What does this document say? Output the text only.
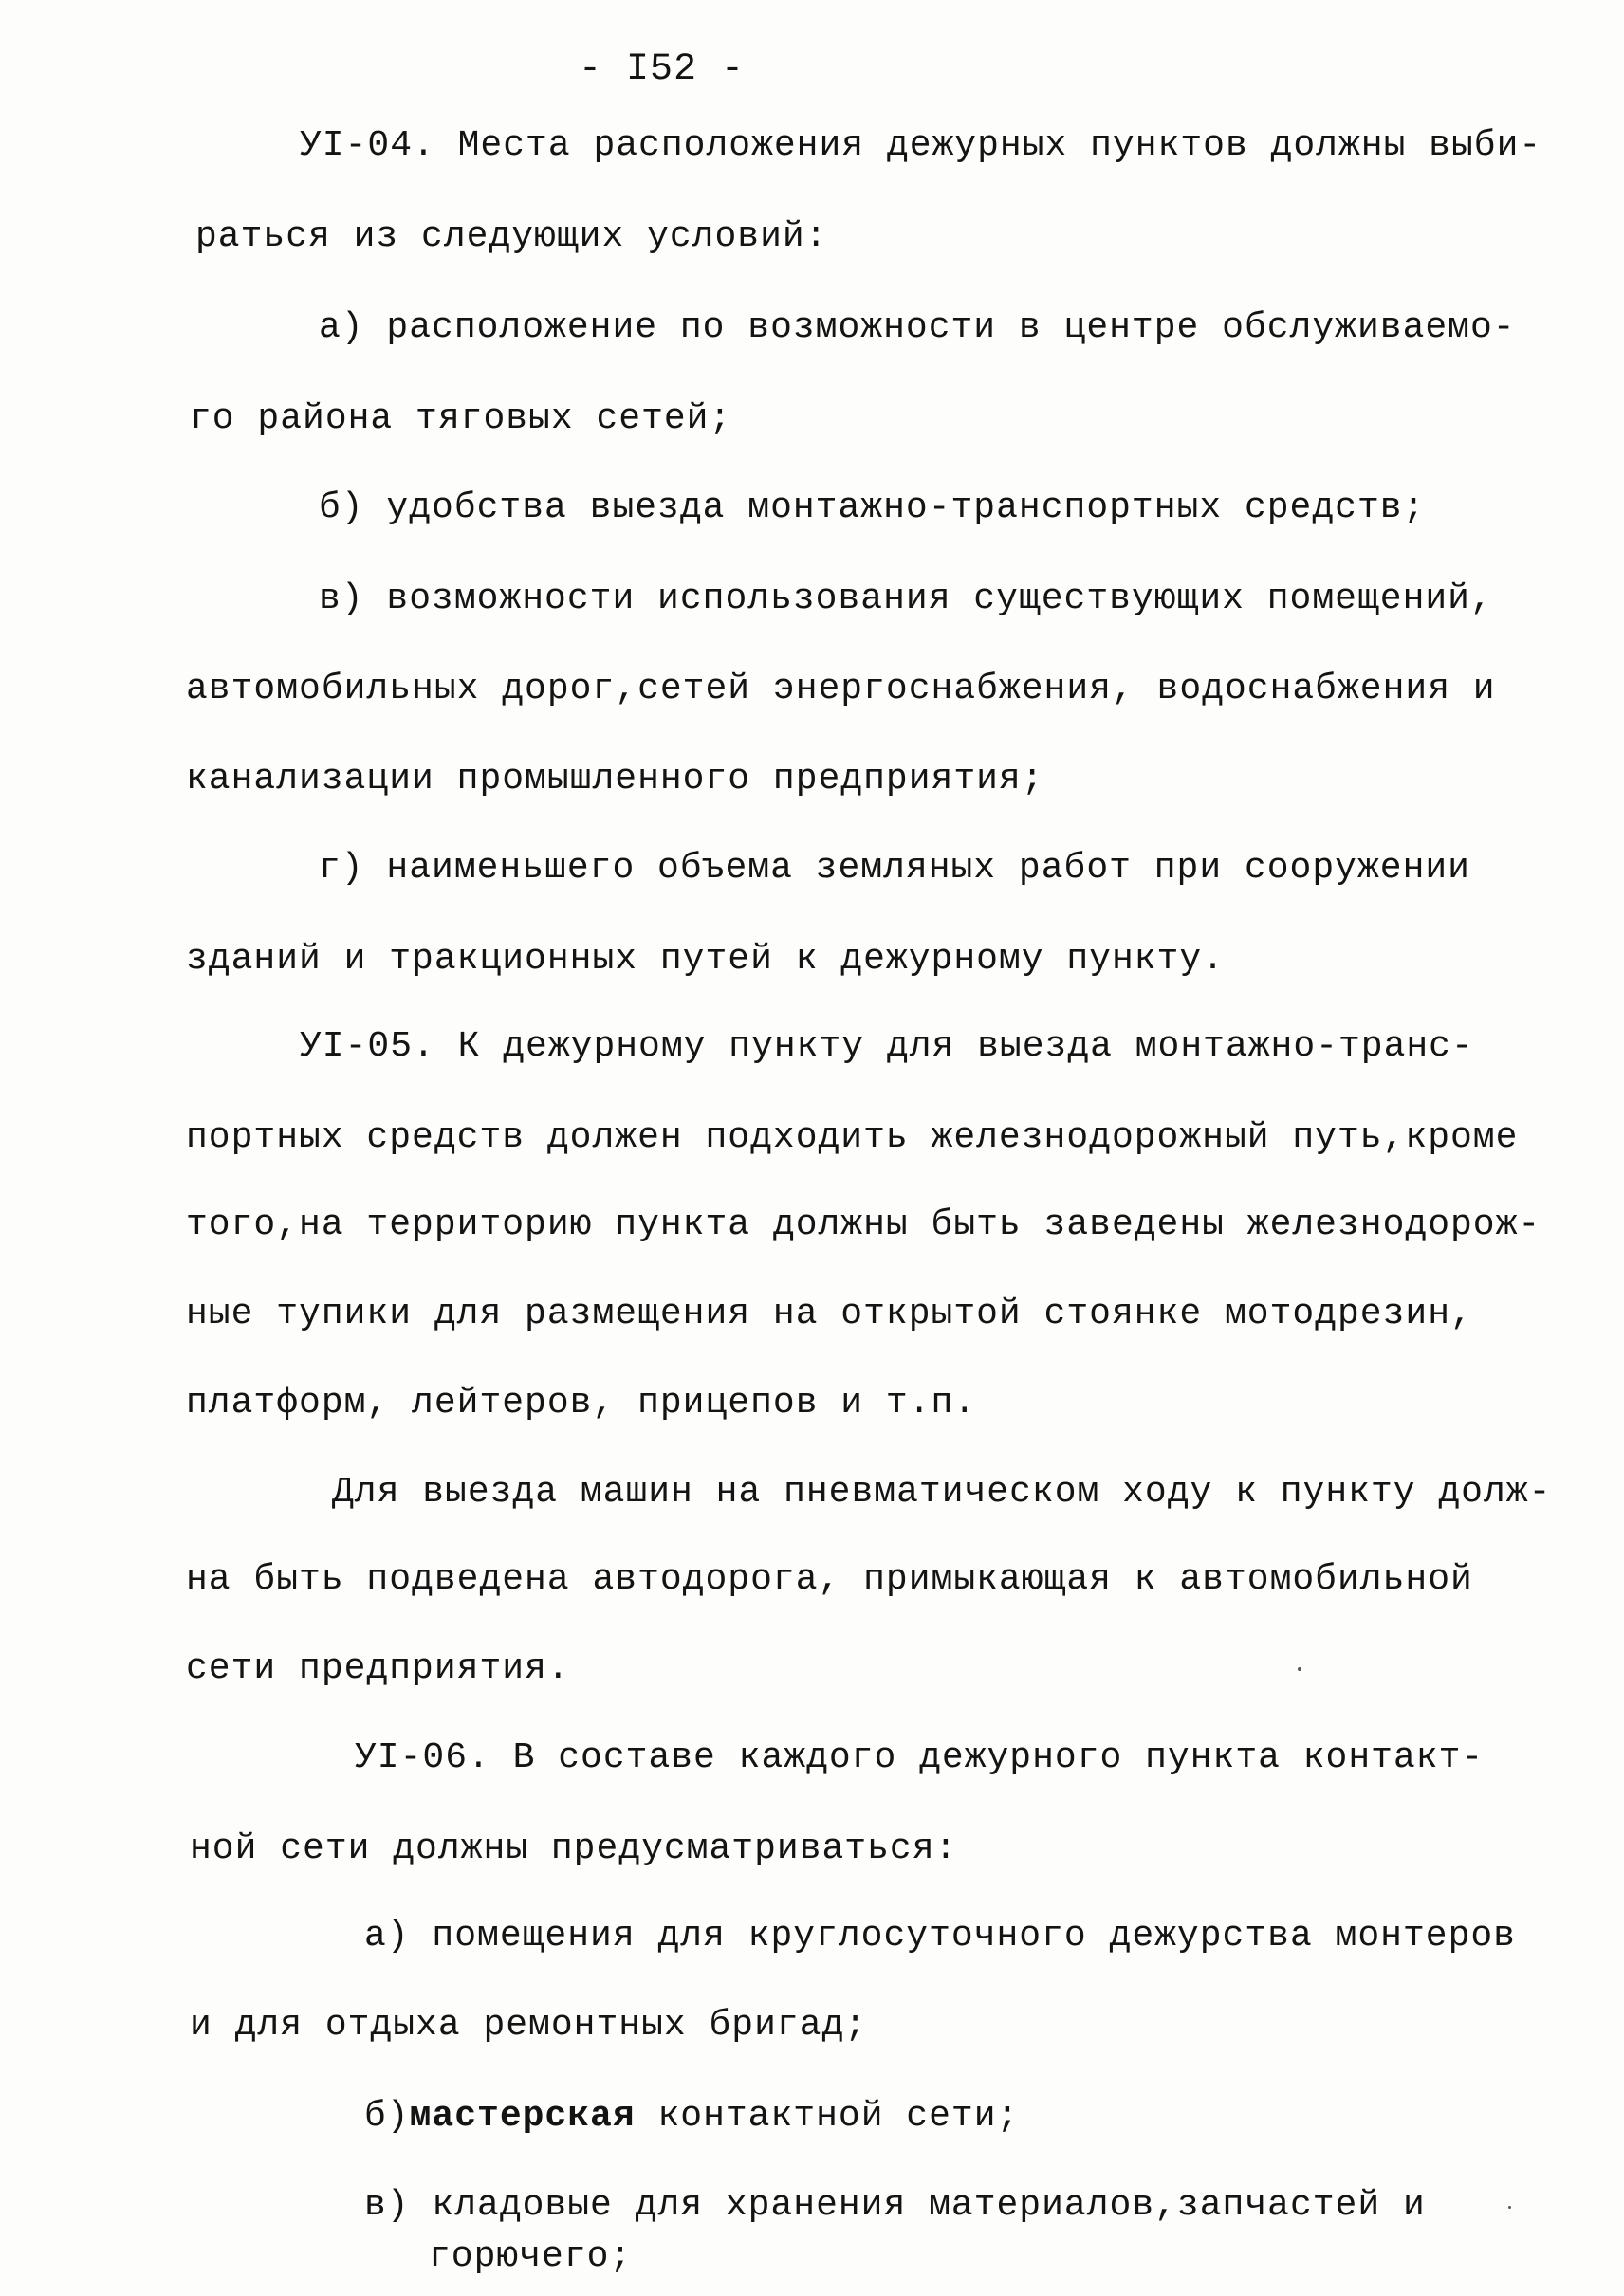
- I52 -

УI-04. Места расположения дежурных пунктов должны выби-

раться из следующих условий:

а) расположение по возможности в центре обслуживаемо-

го района тяговых сетей;

б) удобства выезда монтажно-транспортных средств;

в) возможности использования существующих помещений,

автомобильных дорог,сетей энергоснабжения, водоснабжения и

канализации промышленного предприятия;

г) наименьшего объема земляных работ при сооружении

зданий и тракционных путей к дежурному пункту.

УI-05. К дежурному пункту для выезда монтажно-транс-

портных средств должен подходить железнодорожный путь,кроме

того,на территорию пункта должны быть заведены железнодорож-

ные тупики для размещения на открытой стоянке мотодрезин,

платформ, лейтеров, прицепов и т.п.

Для выезда машин на пневматическом ходу к пункту долж-

на быть подведена автодорога, примыкающая к автомобильной

сети предприятия.

УI-06. В составе каждого дежурного пункта контакт-

ной сети должны предусматриваться:

а) помещения для круглосуточного дежурства монтеров

и для отдыха ремонтных бригад;

б)мастерская контактной сети;

в) кладовые для хранения материалов,запчастей и

горючего;
